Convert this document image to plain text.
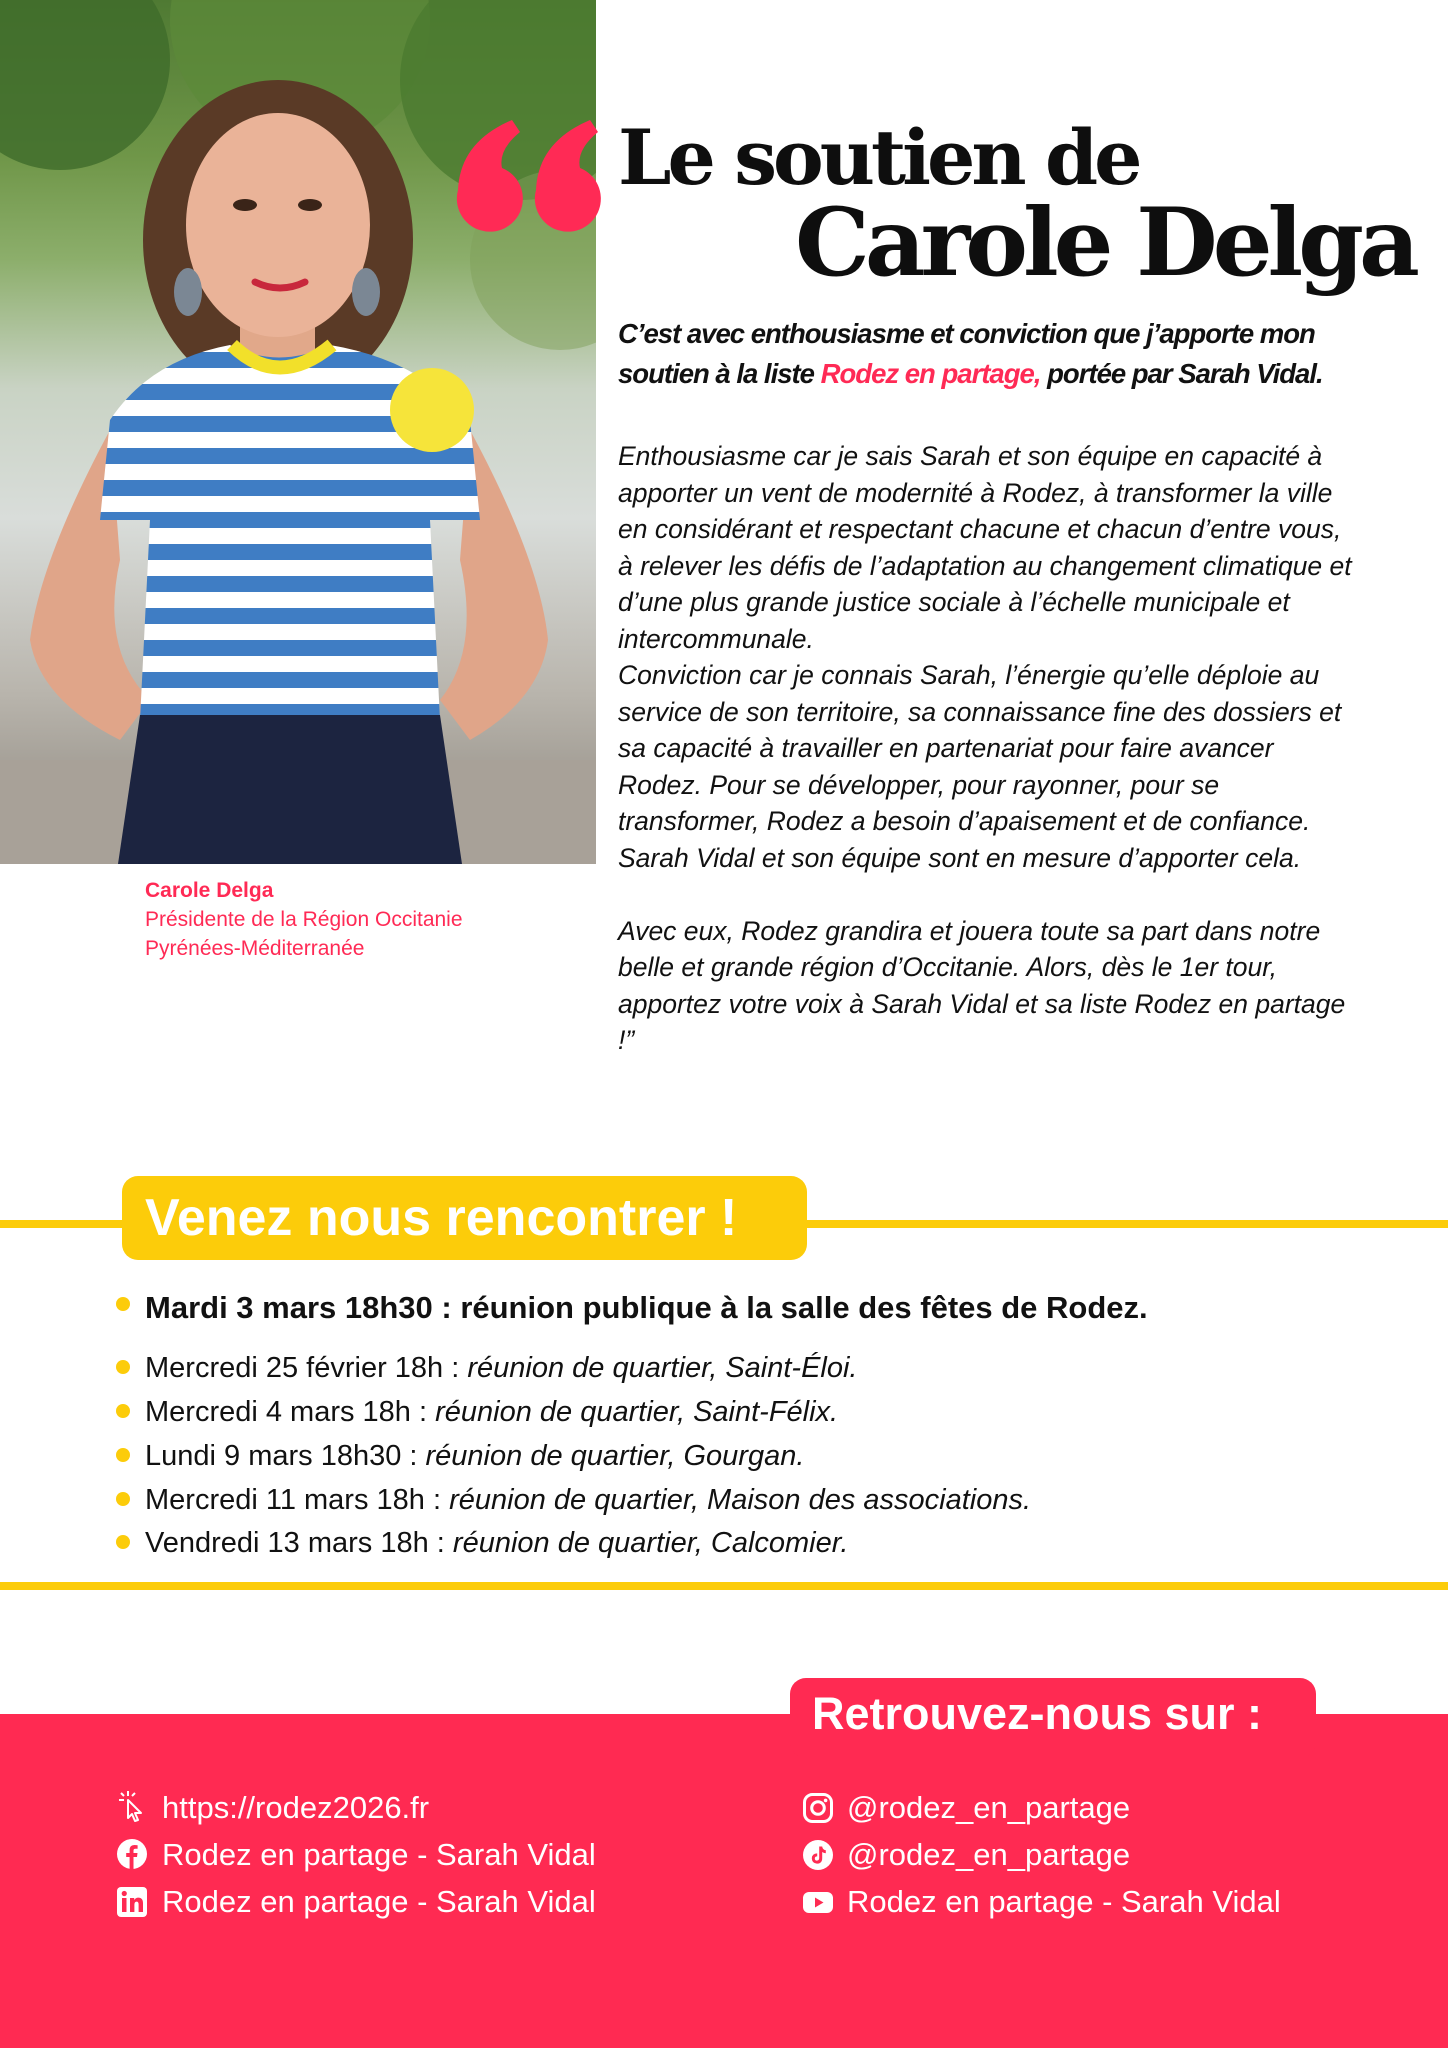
Carole Delga
Présidente de la Région Occitanie
Pyrénées-Méditerranée
Le soutien de
Carole Delga
C’est avec enthousiasme et conviction que j’apporte mon soutien à la liste Rodez en partage, portée par Sarah Vidal.

Enthousiasme car je sais Sarah et son équipe en capacité à apporter un vent de modernité à Rodez, à transformer la ville en considérant et respectant chacune et chacun d’entre vous, à relever les défis de l’adaptation au changement climatique et d’une plus grande justice sociale à l’échelle municipale et intercommunale.

Conviction car je connais Sarah, l’énergie qu’elle déploie au service de son territoire, sa connaissance fine des dossiers et sa capacité à travailler en partenariat pour faire avancer Rodez. Pour se développer, pour rayonner, pour se transformer, Rodez a besoin d’apaisement et de confiance. Sarah Vidal et son équipe sont en mesure d’apporter cela.

Avec eux, Rodez grandira et jouera toute sa part dans notre belle et grande région d’Occitanie. Alors, dès le 1er tour, apportez votre voix à Sarah Vidal et sa liste Rodez en partage !”

Venez nous rencontrer !
Mardi 3 mars 18h30 : réunion publique à la salle des fêtes de Rodez.
Mercredi 25 février 18h : réunion de quartier, Saint-Éloi.
Mercredi 4 mars 18h : réunion de quartier, Saint-Félix.
Lundi 9 mars 18h30 : réunion de quartier, Gourgan.
Mercredi 11 mars 18h : réunion de quartier, Maison des associations.
Vendredi 13 mars 18h : réunion de quartier, Calcomier.
Retrouvez-nous sur :
https://rodez2026.fr
Rodez en partage - Sarah Vidal
Rodez en partage - Sarah Vidal
@rodez_en_partage
@rodez_en_partage
Rodez en partage - Sarah Vidal
